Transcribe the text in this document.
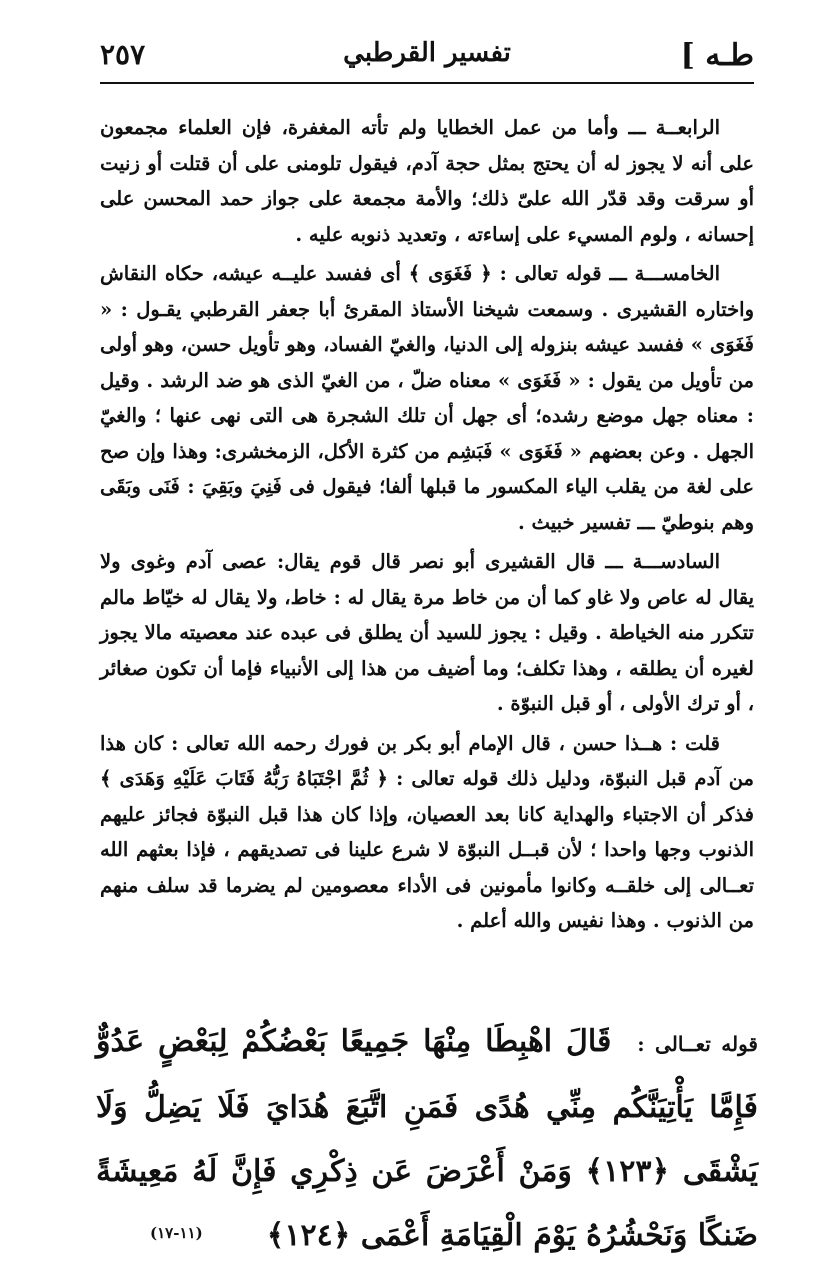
طـه ]
تفسير القرطبي
٢٥٧

الرابعــة ـــ وأما من عمل الخطايا ولم تأته المغفرة، فإن العلماء مجمعون على أنه لا يجوز له أن يحتج بمثل حجة آدم، فيقول تلومنى على أن قتلت أو زنيت أو سرقت وقد قدّر الله علىّ ذلك؛ والأمة مجمعة على جواز حمد المحسن على إحسانه ، ولوم المسيء على إساءته ، وتعديد ذنوبه عليه .

الخامســـة ـــ قوله تعالى : ﴿ فَغَوَى ﴾ أى ففسد عليــه عيشه، حكاه النقاش واختاره القشيرى . وسمعت شيخنا الأستاذ المقرئ أبا جعفر القرطبي يقـول : « فَغَوَى » ففسد عيشه بنزوله إلى الدنيا، والغيّ الفساد، وهو تأويل حسن، وهو أولى من تأويل من يقول : « فَغَوَى » معناه ضلّ ، من الغيّ الذى هو ضد الرشد . وقيل : معناه جهل موضع رشده؛ أى جهل أن تلك الشجرة هى التى نهى عنها ؛ والغيّ الجهل . وعن بعضهم « فَغَوَى » فَبَشِم من كثرة الأكل، الزمخشرى: وهذا وإن صح على لغة من يقلب الياء المكسور ما قبلها ألفا؛ فيقول فى فَنِيَ وبَقِيَ : فَنَى وبَقَى وهم بنوطيّ ـــ تفسير خبيث .

السادســـة ـــ قال القشيرى أبو نصر قال قوم يقال: عصى آدم وغوى ولا يقال له عاص ولا غاو كما أن من خاط مرة يقال له : خاط، ولا يقال له خيّاط مالم تتكرر منه الخياطة . وقيل : يجوز للسيد أن يطلق فى عبده عند معصيته مالا يجوز لغيره أن يطلقه ، وهذا تكلف؛ وما أضيف من هذا إلى الأنبياء فإما أن تكون صغائر ، أو ترك الأولى ، أو قبل النبوّة .

قلت : هــذا حسن ، قال الإمام أبو بكر بن فورك رحمه الله تعالى : كان هذا من آدم قبل النبوّة، ودليل ذلك قوله تعالى : ﴿ ثُمَّ اجْتَبَاهُ رَبُّهُ فَتَابَ عَلَيْهِ وَهَدَى ﴾ فذكر أن الاجتباء والهداية كانا بعد العصيان، وإذا كان هذا قبل النبوّة فجائز عليهم الذنوب وجها واحدا ؛ لأن قبــل النبوّة لا شرع علينا فى تصديقهم ، فإذا بعثهم الله تعــالى إلى خلقــه وكانوا مأمونين فى الأداء معصومين لم يضرما قد سلف منهم من الذنوب . وهذا نفيس والله أعلم .

قوله تعــالى : قَالَ اهْبِطَا مِنْهَا جَمِيعًا بَعْضُكُمْ لِبَعْضٍ عَدُوٌّ فَإِمَّا يَأْتِيَنَّكُم مِنِّي هُدًى فَمَنِ اتَّبَعَ هُدَايَ فَلَا يَضِلُّ وَلَا يَشْقَى ﴿١٢٣﴾ وَمَنْ أَعْرَضَ عَن ذِكْرِي فَإِنَّ لَهُ مَعِيشَةً ضَنكًا وَنَحْشُرُهُ يَوْمَ الْقِيَامَةِ أَعْمَى ﴿١٢٤﴾
(١١-١٧)
